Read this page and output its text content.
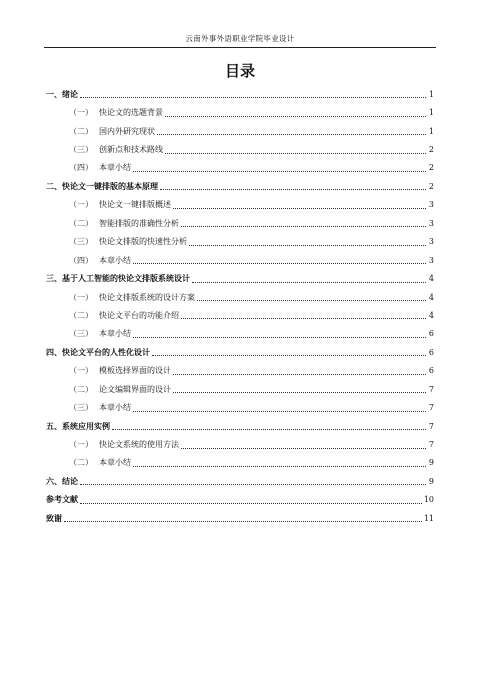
云南外事外语职业学院毕业设计
目录
一、 绪论	1
（一） 快论文的选题背景	1
（二） 国内外研究现状	1
（三） 创新点和技术路线	2
（四） 本章小结	2
二、 快论文一键排版的基本原理	2
（一） 快论文一键排版概述	3
（二） 智能排版的准确性分析	3
（三） 快论文排版的快速性分析	3
（四） 本章小结	3
三、 基于人工智能的快论文排版系统设计	4
（一） 快论文排版系统的设计方案	4
（二） 快论文平台的功能介绍	4
（三） 本章小结	6
四、 快论文平台的人性化设计	6
（一） 模板选择界面的设计	6
（二） 论文编辑界面的设计	7
（三） 本章小结	7
五、 系统应用实例	7
（一） 快论文系统的使用方法	7
（二） 本章小结	9
六、 结论	9
参考文献	10
致谢	11
